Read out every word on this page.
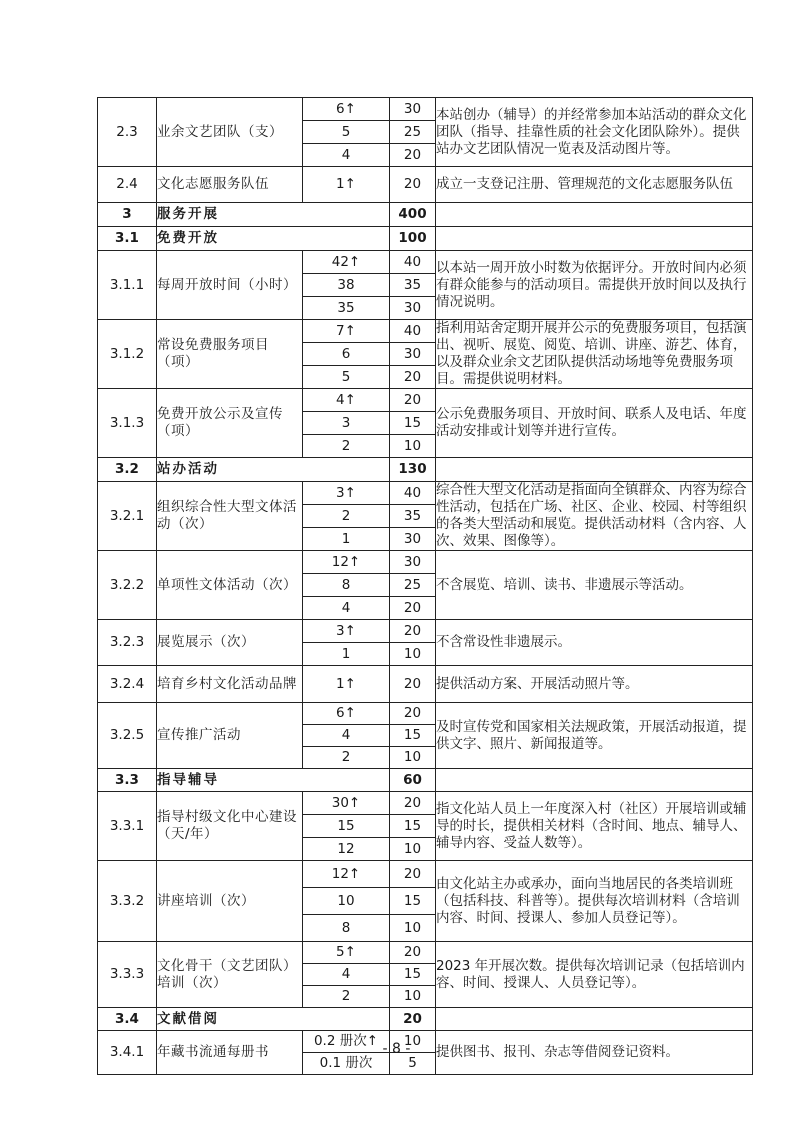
2.3	业余文艺团队（支）	6↑	30	本站创办（辅导）的并经常参加本站活动的群众文化团队（指导、挂靠性质的社会文化团队除外）。提供站办文艺团队情况一览表及活动图片等。
		5	25	
		4	20	
2.4	文化志愿服务队伍	1↑	20	成立一支登记注册、管理规范的文化志愿服务队伍
3	服务开展		400	
3.1	免费开放		100	
3.1.1	每周开放时间（小时）	42↑	40	以本站一周开放小时数为依据评分。开放时间内必须有群众能参与的活动项目。需提供开放时间以及执行情况说明。
		38	35	
		35	30	
3.1.2	常设免费服务项目（项）	7↑	40	指利用站舍定期开展并公示的免费服务项目，包括演出、视听、展览、阅览、培训、讲座、游艺、体育，以及群众业余文艺团队提供活动场地等免费服务项目。需提供说明材料。
		6	30	
		5	20	
3.1.3	免费开放公示及宣传（项）	4↑	20	公示免费服务项目、开放时间、联系人及电话、年度活动安排或计划等并进行宣传。
		3	15	
		2	10	
3.2	站办活动		130	
3.2.1	组织综合性大型文体活动（次）	3↑	40	综合性大型文化活动是指面向全镇群众、内容为综合性活动，包括在广场、社区、企业、校园、村等组织的各类大型活动和展览。提供活动材料（含内容、人次、效果、图像等）。
		2	35	
		1	30	
3.2.2	单项性文体活动（次）	12↑	30	不含展览、培训、读书、非遗展示等活动。
		8	25	
		4	20	
3.2.3	展览展示（次）	3↑	20	不含常设性非遗展示。
		1	10	
3.2.4	培育乡村文化活动品牌	1↑	20	提供活动方案、开展活动照片等。
3.2.5	宣传推广活动	6↑	20	及时宣传党和国家相关法规政策，开展活动报道，提供文字、照片、新闻报道等。
		4	15	
		2	10	
3.3	指导辅导		60	
3.3.1	指导村级文化中心建设（天/年）	30↑	20	指文化站人员上一年度深入村（社区）开展培训或辅导的时长，提供相关材料（含时间、地点、辅导人、辅导内容、受益人数等）。
		15	15	
		12	10	
3.3.2	讲座培训（次）	12↑	20	由文化站主办或承办，面向当地居民的各类培训班（包括科技、科普等）。提供每次培训材料（含培训内容、时间、授课人、参加人员登记等）。
		10	15	
		8	10	
3.3.3	文化骨干（文艺团队）培训（次）	5↑	20	2023 年开展次数。提供每次培训记录（包括培训内容、时间、授课人、人员登记等）。
		4	15	
		2	10	
3.4	文献借阅		20	
3.4.1	年藏书流通每册书	0.2 册次↑	10	提供图书、报刊、杂志等借阅登记资料。
		0.1 册次	5	
- 8 -
